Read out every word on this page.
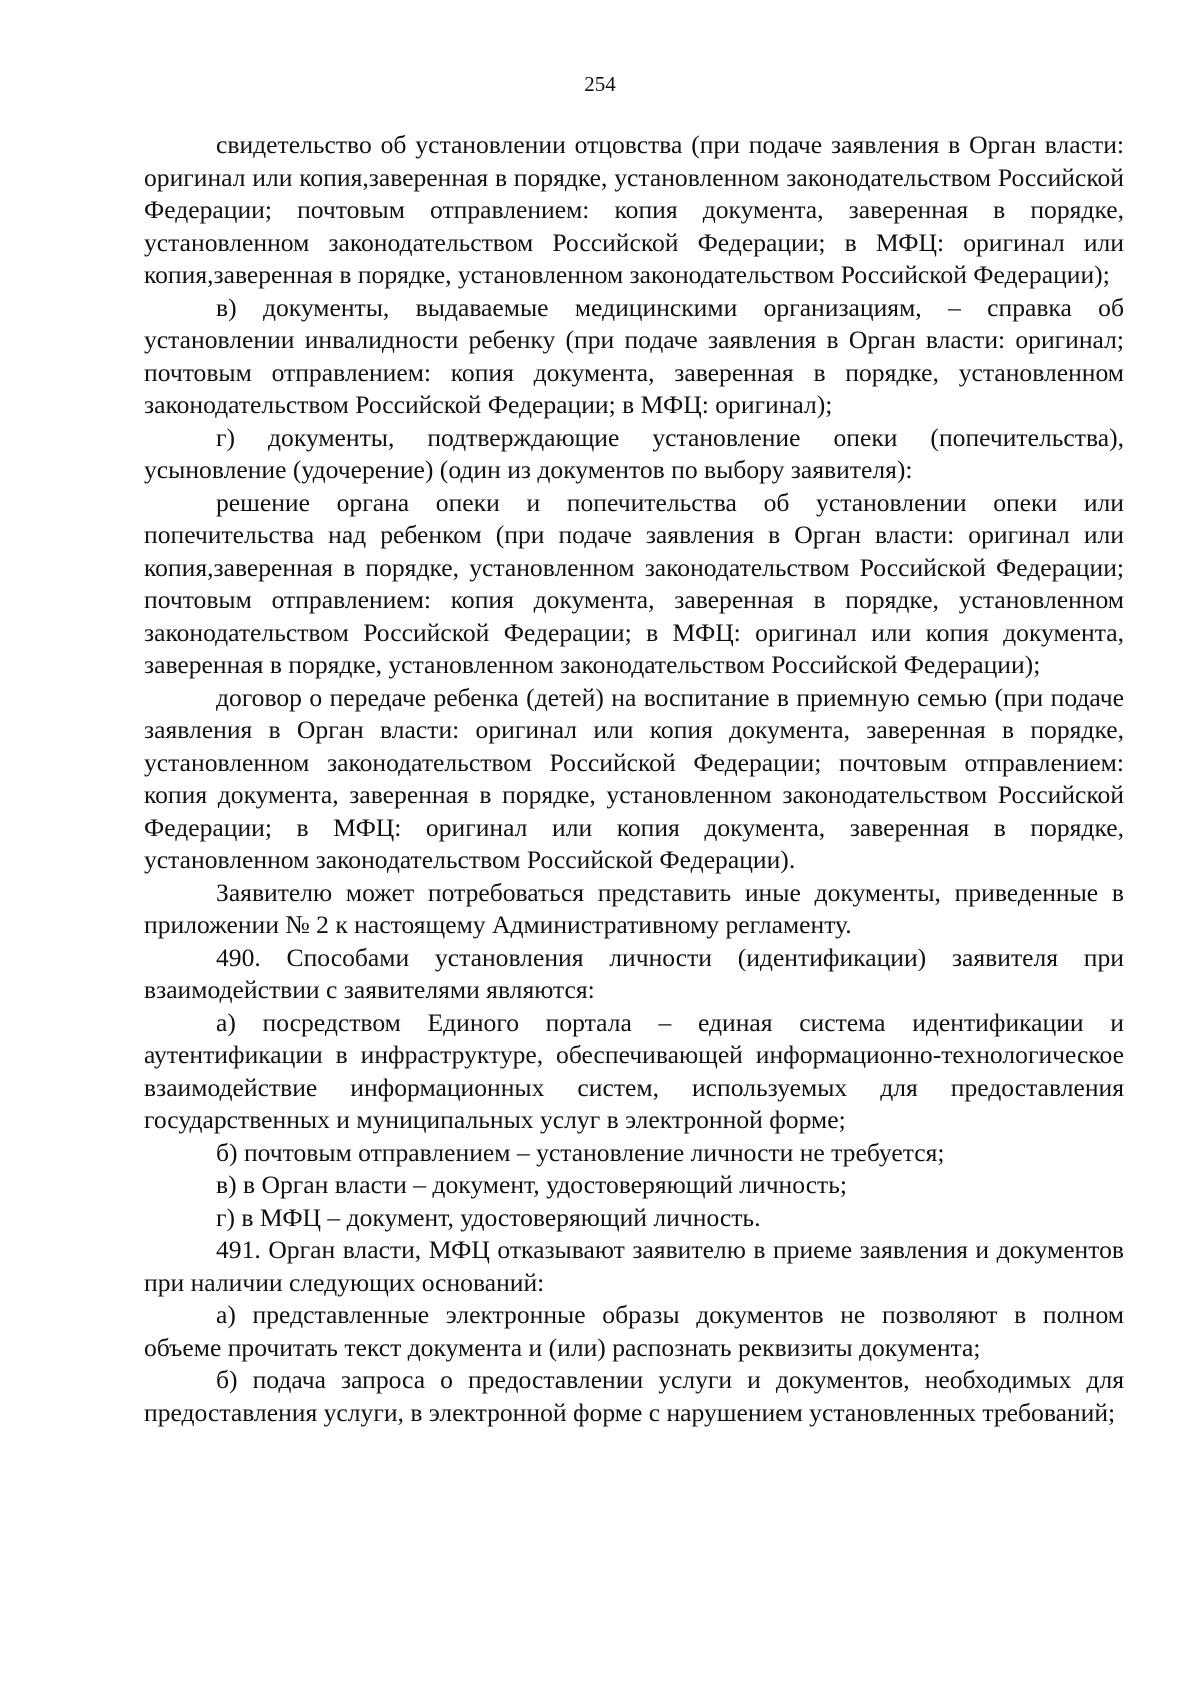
254

свидетельство об установлении отцовства (при подаче заявления в Орган власти: оригинал или копия,заверенная в порядке, установленном законодательством Российской Федерации; почтовым отправлением: копия документа, заверенная в порядке, установленном законодательством Российской Федерации; в МФЦ: оригинал или копия,заверенная в порядке, установленном законодательством Российской Федерации);

в) документы, выдаваемые медицинскими организациям, – справка об установлении инвалидности ребенку (при подаче заявления в Орган власти: оригинал; почтовым отправлением: копия документа, заверенная в порядке, установленном законодательством Российской Федерации; в МФЦ: оригинал);

г) документы, подтверждающие установление опеки (попечительства), усыновление (удочерение) (один из документов по выбору заявителя):

решение органа опеки и попечительства об установлении опеки или попечительства над ребенком (при подаче заявления в Орган власти: оригинал или копия,заверенная в порядке, установленном законодательством Российской Федерации; почтовым отправлением: копия документа, заверенная в порядке, установленном законодательством Российской Федерации; в МФЦ: оригинал или копия документа, заверенная в порядке, установленном законодательством Российской Федерации);

договор о передаче ребенка (детей) на воспитание в приемную семью (при подаче заявления в Орган власти: оригинал или копия документа, заверенная в порядке, установленном законодательством Российской Федерации; почтовым отправлением: копия документа, заверенная в порядке, установленном законодательством Российской Федерации; в МФЦ: оригинал или копия документа, заверенная в порядке, установленном законодательством Российской Федерации).

Заявителю может потребоваться представить иные документы, приведенные в приложении № 2 к настоящему Административному регламенту.

490. Способами установления личности (идентификации) заявителя при взаимодействии с заявителями являются:

а) посредством Единого портала – единая система идентификации и аутентификации в инфраструктуре, обеспечивающей информационно-технологическое взаимодействие информационных систем, используемых для предоставления государственных и муниципальных услуг в электронной форме;

б) почтовым отправлением – установление личности не требуется;

в) в Орган власти – документ, удостоверяющий личность;

г) в МФЦ – документ, удостоверяющий личность.

491. Орган власти, МФЦ отказывают заявителю в приеме заявления и документов при наличии следующих оснований:

а) представленные электронные образы документов не позволяют в полном объеме прочитать текст документа и (или) распознать реквизиты документа;

б) подача запроса о предоставлении услуги и документов, необходимых для предоставления услуги, в электронной форме с нарушением установленных требований;
